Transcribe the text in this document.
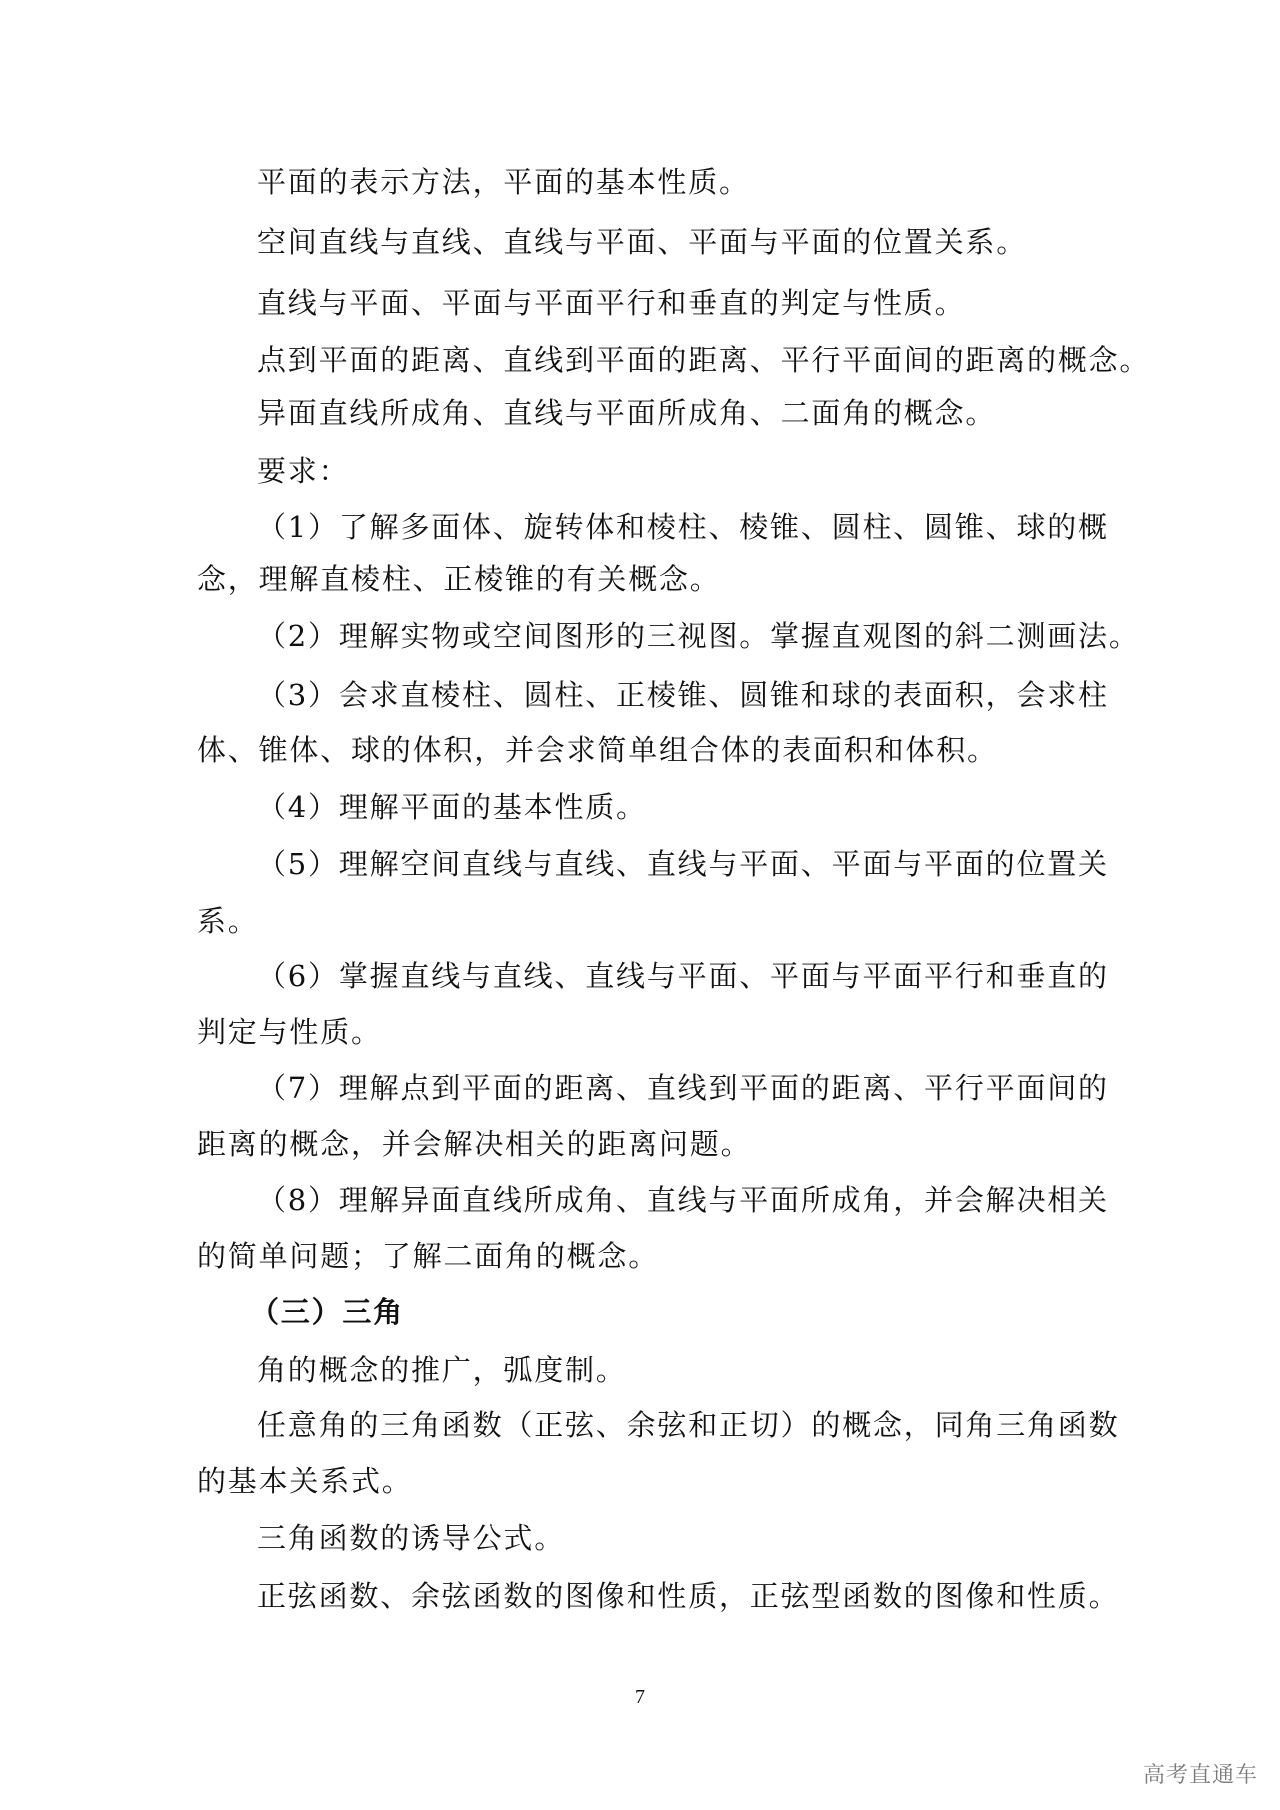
平面的表示方法，平面的基本性质。
空间直线与直线、直线与平面、平面与平面的位置关系。
直线与平面、平面与平面平行和垂直的判定与性质。
点到平面的距离、直线到平面的距离、平行平面间的距离的概念。
异面直线所成角、直线与平面所成角、二面角的概念。
要求：
（1）了解多面体、旋转体和棱柱、棱锥、圆柱、圆锥、球的概
念，理解直棱柱、正棱锥的有关概念。
（2）理解实物或空间图形的三视图。掌握直观图的斜二测画法。
（3）会求直棱柱、圆柱、正棱锥、圆锥和球的表面积，会求柱
体、锥体、球的体积，并会求简单组合体的表面积和体积。
（4）理解平面的基本性质。
（5）理解空间直线与直线、直线与平面、平面与平面的位置关
系。
（6）掌握直线与直线、直线与平面、平面与平面平行和垂直的
判定与性质。
（7）理解点到平面的距离、直线到平面的距离、平行平面间的
距离的概念，并会解决相关的距离问题。
（8）理解异面直线所成角、直线与平面所成角，并会解决相关
的简单问题；了解二面角的概念。
（三）三角
角的概念的推广，弧度制。
任意角的三角函数（正弦、余弦和正切）的概念，同角三角函数
的基本关系式。
三角函数的诱导公式。
正弦函数、余弦函数的图像和性质，正弦型函数的图像和性质。
7
高考直通车
